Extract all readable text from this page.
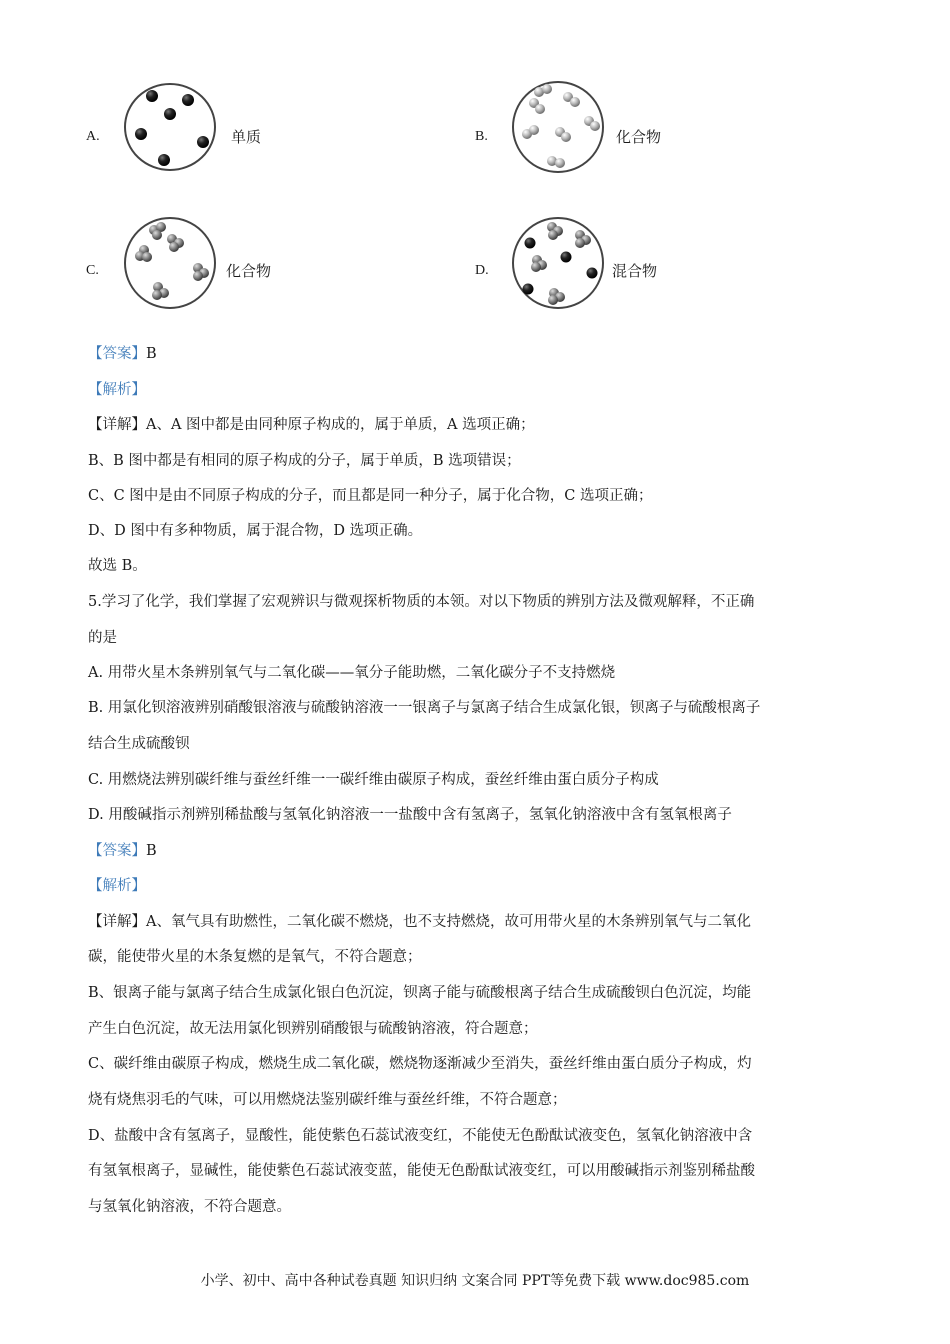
A.	单质	B.	化合物
C.	化合物	D.	混合物
【答案】B
【解析】
【详解】A、A 图中都是由同种原子构成的，属于单质，A 选项正确；
B、B 图中都是有相同的原子构成的分子，属于单质，B 选项错误；
C、C 图中是由不同原子构成的分子，而且都是同一种分子，属于化合物，C 选项正确；
D、D 图中有多种物质，属于混合物，D 选项正确。
故选 B。
5.学习了化学，我们掌握了宏观辨识与微观探析物质的本领。对以下物质的辨别方法及微观解释，不正确
的是
A. 用带火星木条辨别氧气与二氧化碳——氧分子能助燃，二氧化碳分子不支持燃烧
B. 用氯化钡溶液辨别硝酸银溶液与硫酸钠溶液一一银离子与氯离子结合生成氯化银，钡离子与硫酸根离子
结合生成硫酸钡
C. 用燃烧法辨别碳纤维与蚕丝纤维一一碳纤维由碳原子构成，蚕丝纤维由蛋白质分子构成
D. 用酸碱指示剂辨别稀盐酸与氢氧化钠溶液一一盐酸中含有氢离子，氢氧化钠溶液中含有氢氧根离子
【答案】B
【解析】
【详解】A、氧气具有助燃性，二氧化碳不燃烧，也不支持燃烧，故可用带火星的木条辨别氧气与二氧化
碳，能使带火星的木条复燃的是氧气，不符合题意；
B、银离子能与氯离子结合生成氯化银白色沉淀，钡离子能与硫酸根离子结合生成硫酸钡白色沉淀，均能
产生白色沉淀，故无法用氯化钡辨别硝酸银与硫酸钠溶液，符合题意；
C、碳纤维由碳原子构成，燃烧生成二氧化碳，燃烧物逐渐减少至消失，蚕丝纤维由蛋白质分子构成，灼
烧有烧焦羽毛的气味，可以用燃烧法鉴别碳纤维与蚕丝纤维，不符合题意；
D、盐酸中含有氢离子，显酸性，能使紫色石蕊试液变红，不能使无色酚酞试液变色，氢氧化钠溶液中含
有氢氧根离子，显碱性，能使紫色石蕊试液变蓝，能使无色酚酞试液变红，可以用酸碱指示剂鉴别稀盐酸
与氢氧化钠溶液，不符合题意。
小学、初中、高中各种试卷真题 知识归纳 文案合同 PPT等免费下载 www.doc985.com
